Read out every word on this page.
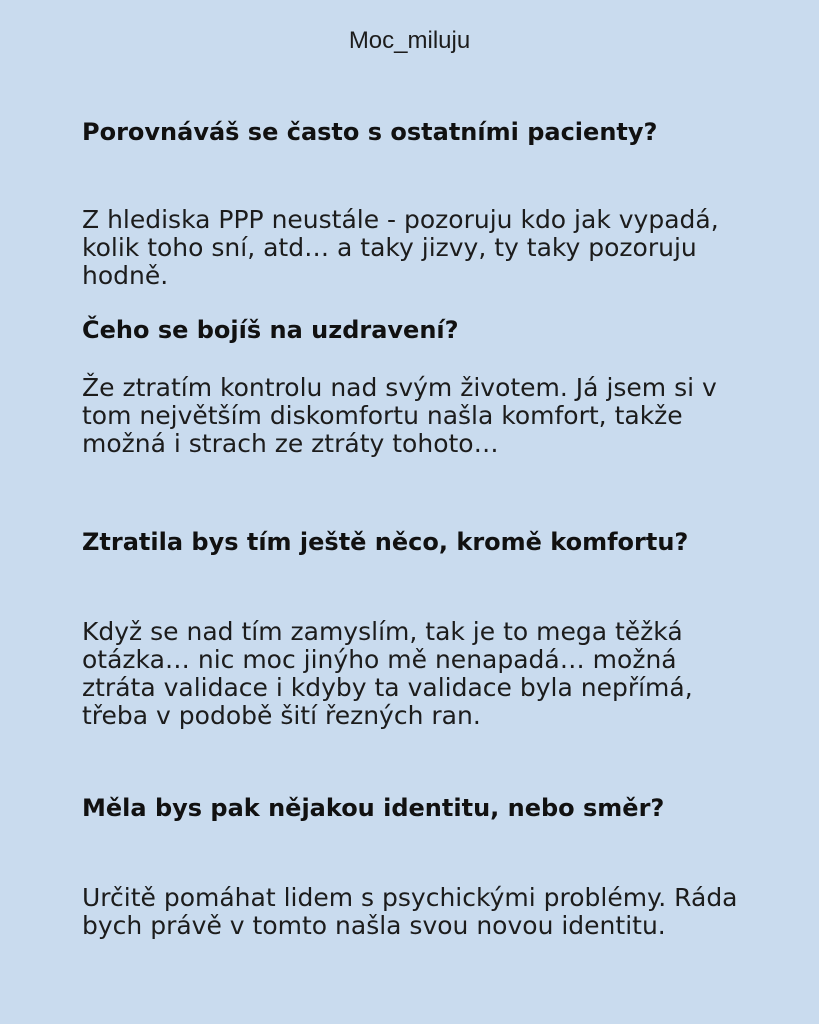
Moc_miluju

Porovnáváš se často s ostatními pacienty?

Z hlediska PPP neustále - pozoruju kdo jak vypadá, kolik toho sní, atd… a taky jizvy, ty taky pozoruju hodně.

Čeho se bojíš na uzdravení?

Že ztratím kontrolu nad svým životem. Já jsem si v tom největším diskomfortu našla komfort, takže možná i strach ze ztráty tohoto…

Ztratila bys tím ještě něco, kromě komfortu?

Když se nad tím zamyslím, tak je to mega těžká otázka… nic moc jinýho mě nenapadá… možná ztráta validace i kdyby ta validace byla nepřímá, třeba v podobě šití řezných ran.

Měla bys pak nějakou identitu, nebo směr?

Určitě pomáhat lidem s psychickými problémy. Ráda bych právě v tomto našla svou novou identitu.
